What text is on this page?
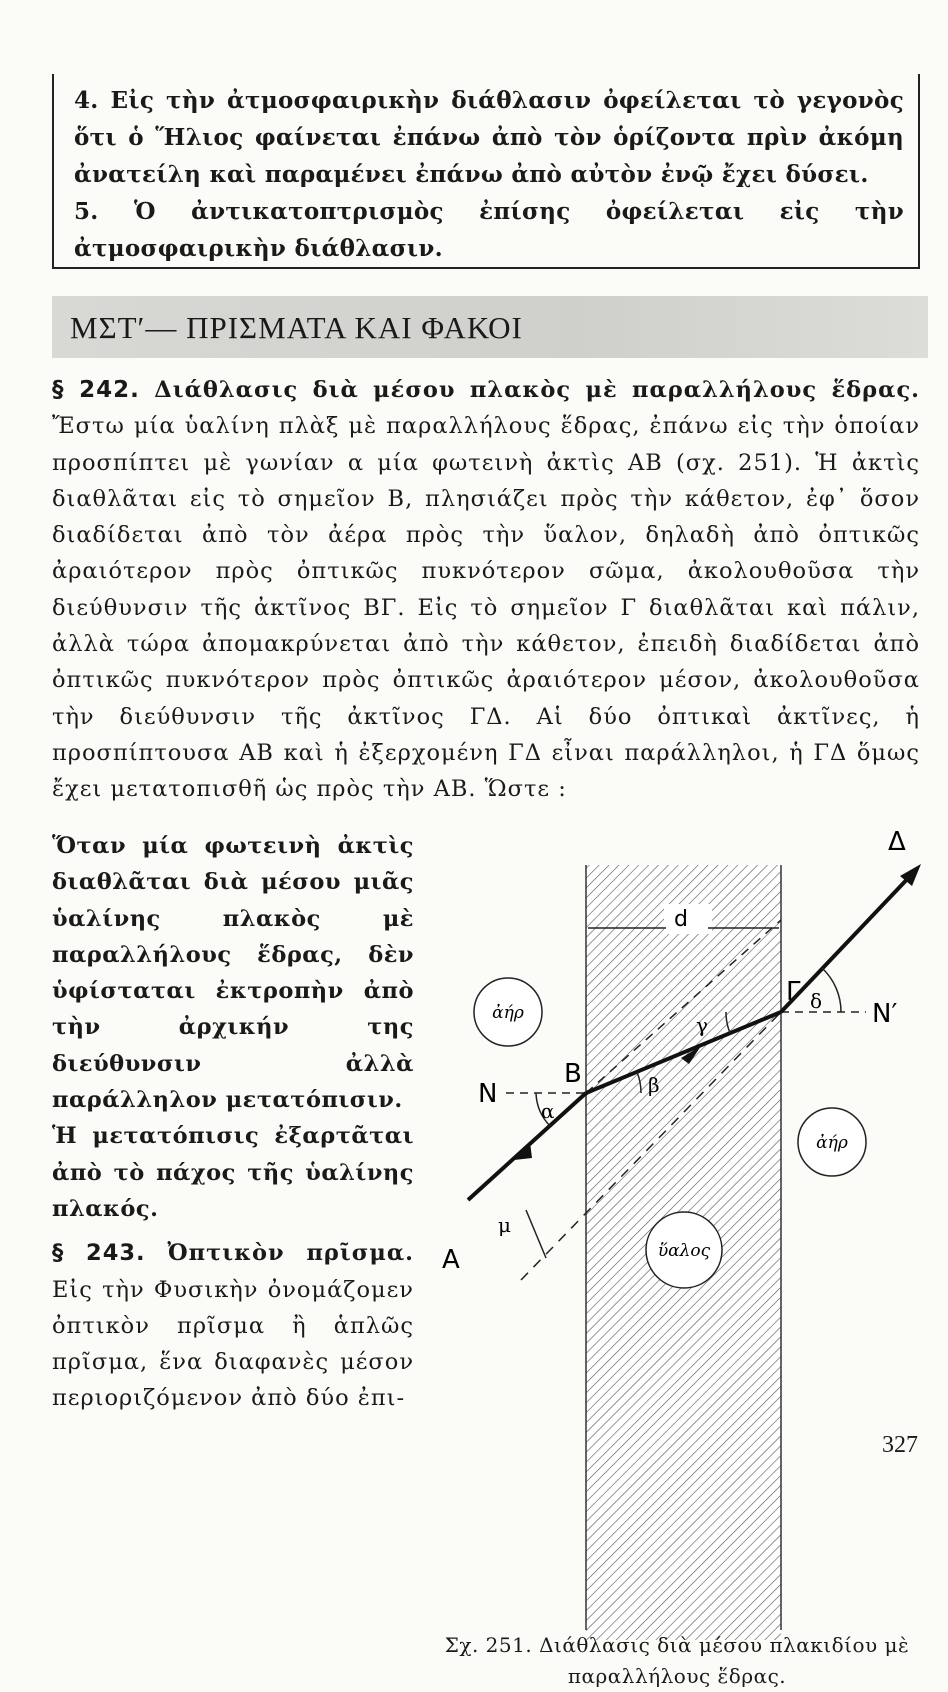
4. Εἰς τὴν ἀτμοσφαιρικὴν διάθλασιν ὀφείλεται τὸ γεγονὸς ὅτι ὁ Ἥλιος φαίνεται ἐπάνω ἀπὸ τὸν ὁρίζοντα πρὶν ἀκόμη ἀνατείλη καὶ παραμένει ἐπάνω ἀπὸ αὐτὸν ἐνῷ ἔχει δύσει.

5. Ὁ ἀντικατοπτρισμὸς ἐπίσης ὀφείλεται εἰς τὴν ἀτμοσφαιρικὴν διάθλασιν.

ΜΣΤ′— ΠΡΙΣΜΑΤΑ ΚΑΙ ΦΑΚΟΙ

§ 242. Διάθλασις διὰ μέσου πλακὸς μὲ παραλλήλους ἕδρας. Ἔστω μία ὑαλίνη πλὰξ μὲ παραλλήλους ἕδρας, ἐπάνω εἰς τὴν ὁποίαν προσπίπτει μὲ γωνίαν α μία φωτεινὴ ἀκτὶς ΑΒ (σχ. 251). Ἡ ἀκτὶς διαθλᾶται εἰς τὸ σημεῖον Β, πλησιάζει πρὸς τὴν κάθετον, ἐφ᾽ ὅσον διαδίδεται ἀπὸ τὸν ἀέρα πρὸς τὴν ὕαλον, δηλαδὴ ἀπὸ ὀπτικῶς ἀραιότερον πρὸς ὀπτικῶς πυκνότερον σῶμα, ἀκολουθοῦσα τὴν διεύθυνσιν τῆς ἀκτῖνος ΒΓ. Εἰς τὸ σημεῖον Γ διαθλᾶται καὶ πάλιν, ἀλλὰ τώρα ἀπομακρύνεται ἀπὸ τὴν κάθετον, ἐπειδὴ διαδίδεται ἀπὸ ὀπτικῶς πυκνότερον πρὸς ὀπτικῶς ἀραιότερον μέσον, ἀκολουθοῦσα τὴν διεύθυνσιν τῆς ἀκτῖνος ΓΔ. Αἱ δύο ὀπτικαὶ ἀκτῖνες, ἡ προσπίπτουσα ΑΒ καὶ ἡ ἐξερχομένη ΓΔ εἶναι παράλληλοι, ἡ ΓΔ ὅμως ἔχει μετατοπισθῆ ὡς πρὸς τὴν ΑΒ. Ὥστε :

Ὅταν μία φωτεινὴ ἀκτὶς διαθλᾶται διὰ μέσου μιᾶς ὑαλίνης πλακὸς μὲ παραλλήλους ἕδρας, δὲν ὑφίσταται ἐκτροπὴν ἀπὸ τὴν ἀρχικήν της διεύθυνσιν ἀλλὰ παράλληλον μετατόπισιν.

Ἡ μετατόπισις ἐξαρτᾶται ἀπὸ τὸ πάχος τῆς ὑαλίνης πλακός.

§ 243. Ὀπτικὸν πρῖσμα. Εἰς τὴν Φυσικὴν ὀνομάζομεν ὀπτικὸν πρῖσμα ἢ ἁπλῶς πρῖσμα, ἕνα διαφανὲς μέσον περιοριζόμενον ἀπὸ δύο ἐπι-

d
ἀήρ
ἀήρ
ὕαλος
A
B
Γ
Δ
N
N′
α
β
γ
δ
μ
Σχ. 251. Διάθλασις διὰ μέσου πλακιδίου μὲ παραλλήλους ἕδρας.
327
